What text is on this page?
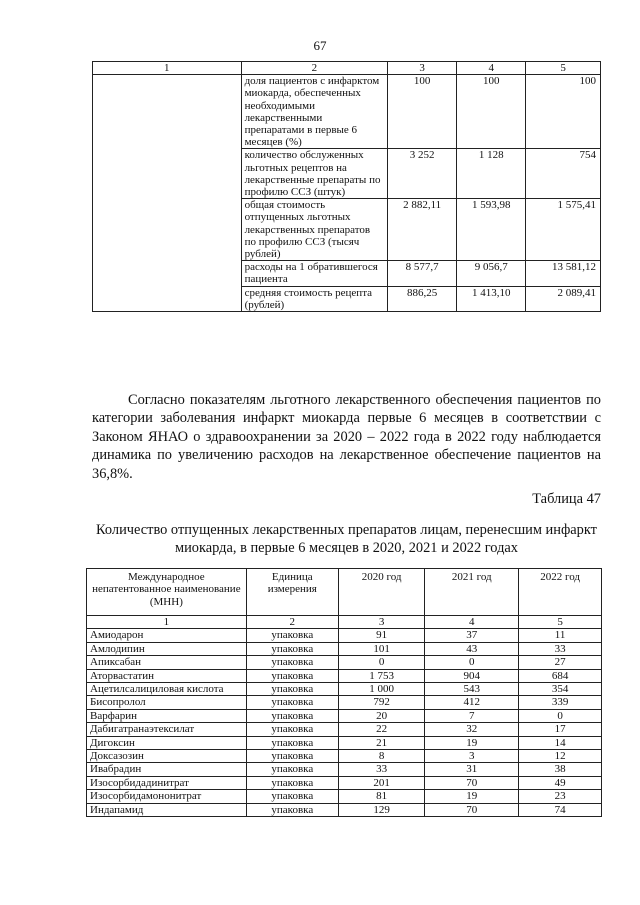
67
1	2	3	4	5
	доля пациентов с инфарктом миокарда, обеспеченных необходимыми лекарственными препаратами в первые 6 месяцев (%)	100	100	100
	количество обслуженных льготных рецептов на лекарственные препараты по профилю ССЗ (штук)	3 252	1 128	754
	общая стоимость отпущенных льготных лекарственных препаратов по профилю ССЗ (тысяч рублей)	2 882,11	1 593,98	1 575,41
	расходы на 1 обратившегося пациента	8 577,7	9 056,7	13 581,12
	средняя стоимость рецепта (рублей)	886,25	1 413,10	2 089,41
Согласно показателям льготного лекарственного обеспечения пациентов по категории заболевания инфаркт миокарда первые 6 месяцев в соответствии с Законом ЯНАО о здравоохранении за 2020 – 2022 года в 2022 году наблюдается динамика по увеличению расходов на лекарственное обеспечение пациентов на 36,8%.
Таблица 47
Количество отпущенных лекарственных препаратов лицам, перенесшим инфаркт миокарда, в первые 6 месяцев в 2020, 2021 и 2022 годах
Международное непатентованное наименование (МНН)	Единица измерения	2020 год	2021 год	2022 год
1	2	3	4	5
Амиодарон	упаковка	91	37	11
Амлодипин	упаковка	101	43	33
Апиксабан	упаковка	0	0	27
Аторвастатин	упаковка	1 753	904	684
Ацетилсалициловая кислота	упаковка	1 000	543	354
Бисопролол	упаковка	792	412	339
Варфарин	упаковка	20	7	0
Дабигатранаэтексилат	упаковка	22	32	17
Дигоксин	упаковка	21	19	14
Доксазозин	упаковка	8	3	12
Ивабрадин	упаковка	33	31	38
Изосорбидадинитрат	упаковка	201	70	49
Изосорбидамононитрат	упаковка	81	19	23
Индапамид	упаковка	129	70	74
